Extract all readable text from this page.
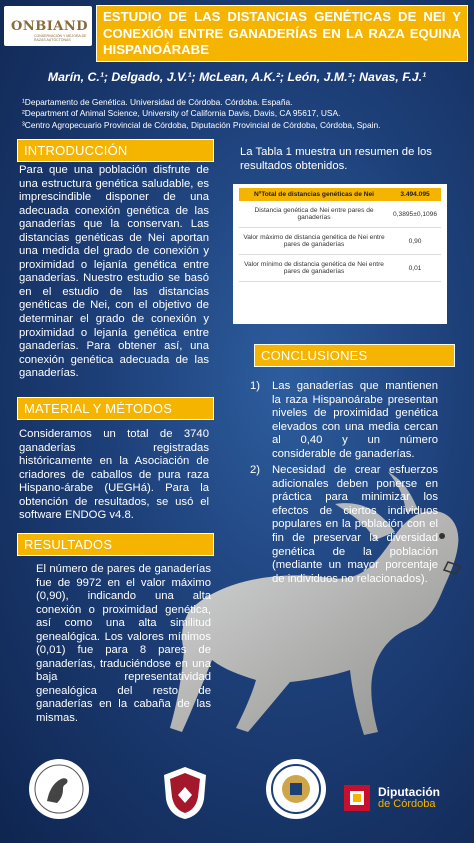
ONBIAND
CONSERVACIÓN Y MEJORA DE RAZAS AUTÓCTONAS
ESTUDIO DE LAS DISTANCIAS GENÉTICAS DE NEI Y CONEXIÓN ENTRE GANADERÍAS EN LA RAZA EQUINA HISPANOÁRABE
Marín, C.¹; Delgado, J.V.¹; McLean, A.K.²; León, J.M.³; Navas, F.J.¹
¹Departamento de Genética. Universidad de Córdoba. Córdoba. España.
²Department of Animal Science, University of California Davis, Davis, CA 95617, USA.
³Centro Agropecuario Provincial de Córdoba, Diputación Provincial de Córdoba, Córdoba, Spain.
INTRODUCCIÓN
Para que una población disfrute de una estructura genética saludable, es imprescindible disponer de una adecuada conexión genética de las ganaderías que la conservan. Las distancias genéticas de Nei aportan una medida del grado de conexión y proximidad o lejanía genética entre ganaderías. Nuestro estudio se basó en el estudio de las distancias genéticas de Nei, con el objetivo de determinar el grado de conexión y proximidad o lejanía genética entre ganaderías. Para obtener así, una conexión genética adecuada de las ganaderías.
MATERIAL Y MÉTODOS
Consideramos un total de 3740 ganaderías registradas históricamente en la Asociación de criadores de caballos de pura raza Hispano-árabe (UEGHá). Para la obtención de resultados, se usó el software ENDOG v4.8.
RESULTADOS
El número de pares de ganaderías fue de 9972 en el valor máximo (0,90), indicando una alta conexión o proximidad genética, así como una alta similitud genealógica. Los valores mínimos (0,01) fue para 8 pares de ganaderías, traduciéndose en una baja representatividad genealógica del resto de ganaderías en la cabaña de las mismas.
La Tabla 1 muestra un resumen de los resultados obtenidos.
NºTotal de distancias genéticas de Nei	3.494.095
Distancia genética de Nei entre pares de ganaderías	0,3895±0,1096
Valor máximo de distancia genética de Nei entre pares de ganaderías	0,90
Valor mínimo de distancia genética de Nei entre pares de ganaderías	0,01
CONCLUSIONES
1) Las ganaderías que mantienen la raza Hispanoárabe presentan niveles de proximidad genética elevados con una media cercan al 0,40 y un número considerable de ganaderías.
2) Necesidad de crear esfuerzos adicionales deben ponerse en práctica para minimizar los efectos de ciertos individuos populares en la población con el fin de preservar la diversidad genética de la población (mediante un mayor porcentaje de individuos no relacionados).
Diputación
de Córdoba
